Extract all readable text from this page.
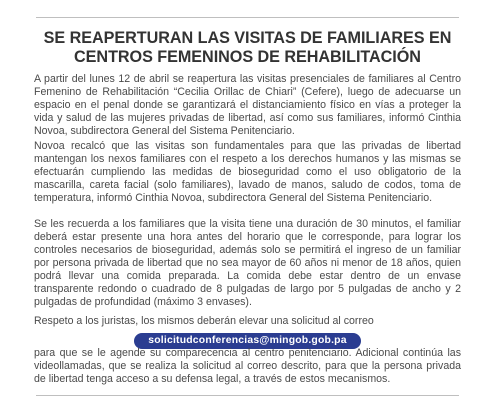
SE REAPERTURAN LAS VISITAS DE FAMILIARES EN
CENTROS FEMENINOS DE REHABILITACIÓN
A partir del lunes 12 de abril se reapertura las visitas presenciales de familiares al Centro Femenino de Rehabilitación “Cecilia Orillac de Chiari” (Cefere), luego de adecuarse un espacio en el penal donde se garantizará el distanciamiento físico en vías a proteger la vida y salud de las mujeres privadas de libertad, así como sus familiares, informó Cinthia Novoa, subdirectora General del Sistema Penitenciario.
Novoa recalcó que las visitas son fundamentales para que las privadas de libertad mantengan los nexos familiares con el respeto a los derechos humanos y las mismas se efectuarán cumpliendo las medidas de bioseguridad como el uso obligatorio de la mascarilla, careta facial (solo familiares), lavado de manos, saludo de codos, toma de temperatura, informó Cinthia Novoa, subdirectora General del Sistema Penitenciario.
Se les recuerda a los familiares que la visita tiene una duración de 30 minutos, el familiar deberá estar presente una hora antes del horario que le corresponde, para lograr los controles necesarios de bioseguridad, además solo se permitirá el ingreso de un familiar por persona privada de libertad que no sea mayor de 60 años ni menor de 18 años, quien podrá llevar una comida preparada. La comida debe estar dentro de un envase transparente redondo o cuadrado de 8 pulgadas de largo por 5 pulgadas de ancho y 2 pulgadas de profundidad (máximo 3 envases).
Respeto a los juristas, los mismos deberán elevar una solicitud al correo
solicitudconferencias@mingob.gob.pa
para que se le agende su comparecencia al centro penitenciario. Adicional continúa las videollamadas, que se realiza la solicitud al correo descrito, para que la persona privada de libertad tenga acceso a su defensa legal, a través de estos mecanismos.
